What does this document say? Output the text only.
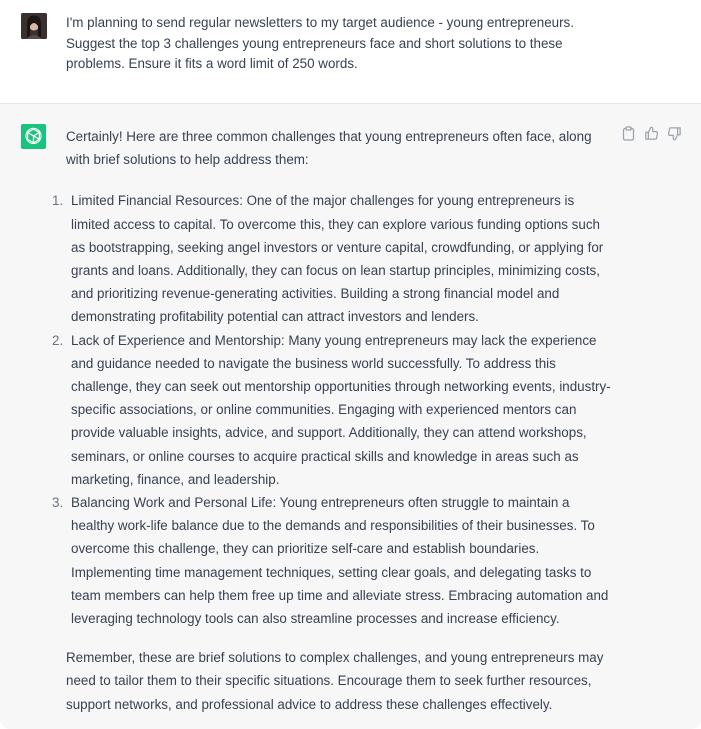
I'm planning to send regular newsletters to my target audience - young entrepreneurs. Suggest the top 3 challenges young entrepreneurs face and short solutions to these problems. Ensure it fits a word limit of 250 words.

Certainly! Here are three common challenges that young entrepreneurs often face, along with brief solutions to help address them:

1. Limited Financial Resources: One of the major challenges for young entrepreneurs is limited access to capital. To overcome this, they can explore various funding options such as bootstrapping, seeking angel investors or venture capital, crowdfunding, or applying for grants and loans. Additionally, they can focus on lean startup principles, minimizing costs, and prioritizing revenue-generating activities. Building a strong financial model and demonstrating profitability potential can attract investors and lenders.
2. Lack of Experience and Mentorship: Many young entrepreneurs may lack the experience and guidance needed to navigate the business world successfully. To address this challenge, they can seek out mentorship opportunities through networking events, industry-specific associations, or online communities. Engaging with experienced mentors can provide valuable insights, advice, and support. Additionally, they can attend workshops, seminars, or online courses to acquire practical skills and knowledge in areas such as marketing, finance, and leadership.
3. Balancing Work and Personal Life: Young entrepreneurs often struggle to maintain a healthy work-life balance due to the demands and responsibilities of their businesses. To overcome this challenge, they can prioritize self-care and establish boundaries. Implementing time management techniques, setting clear goals, and delegating tasks to team members can help them free up time and alleviate stress. Embracing automation and leveraging technology tools can also streamline processes and increase efficiency.

Remember, these are brief solutions to complex challenges, and young entrepreneurs may need to tailor them to their specific situations. Encourage them to seek further resources, support networks, and professional advice to address these challenges effectively.
